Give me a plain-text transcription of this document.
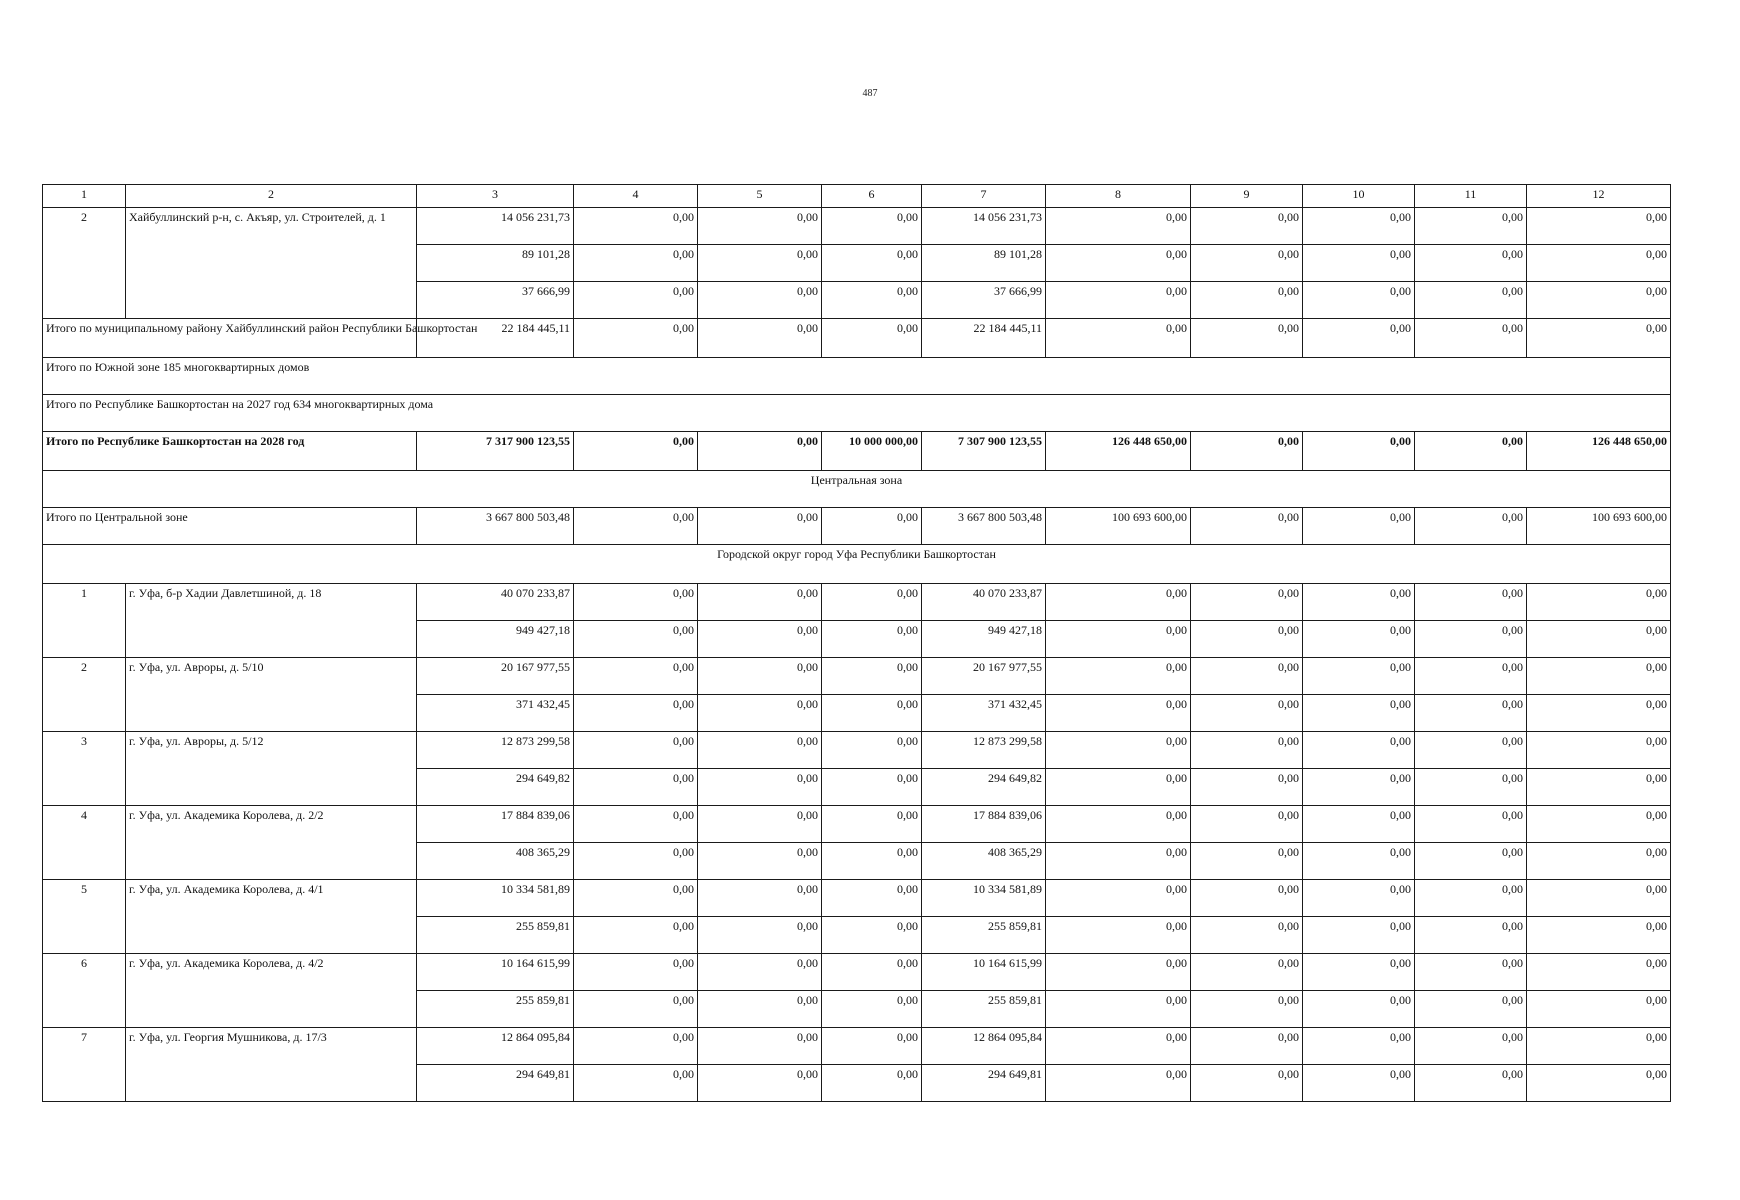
487
1	2	3	4	5	6	7	8	9	10	11	12
2	Хайбуллинский р-н, с. Акъяр, ул. Строителей, д. 1	14 056 231,73	0,00	0,00	0,00	14 056 231,73	0,00	0,00	0,00	0,00	0,00
		89 101,28	0,00	0,00	0,00	89 101,28	0,00	0,00	0,00	0,00	0,00
		37 666,99	0,00	0,00	0,00	37 666,99	0,00	0,00	0,00	0,00	0,00
Итого по муниципальному району Хайбуллинский район Республики Башкортостан		22 184 445,11	0,00	0,00	0,00	22 184 445,11	0,00	0,00	0,00	0,00	0,00
Итого по Южной зоне 185 многоквартирных домов											
Итого по Республике Башкортостан на 2027 год 634 многоквартирных дома											
Итого по Республике Башкортостан на 2028 год		7 317 900 123,55	0,00	0,00	10 000 000,00	7 307 900 123,55	126 448 650,00	0,00	0,00	0,00	126 448 650,00
Центральная зона											
Итого по Центральной зоне		3 667 800 503,48	0,00	0,00	0,00	3 667 800 503,48	100 693 600,00	0,00	0,00	0,00	100 693 600,00
Городской округ город Уфа Республики Башкортостан											
1	г. Уфа, б-р Хадии Давлетшиной, д. 18	40 070 233,87	0,00	0,00	0,00	40 070 233,87	0,00	0,00	0,00	0,00	0,00
		949 427,18	0,00	0,00	0,00	949 427,18	0,00	0,00	0,00	0,00	0,00
2	г. Уфа, ул. Авроры, д. 5/10	20 167 977,55	0,00	0,00	0,00	20 167 977,55	0,00	0,00	0,00	0,00	0,00
		371 432,45	0,00	0,00	0,00	371 432,45	0,00	0,00	0,00	0,00	0,00
3	г. Уфа, ул. Авроры, д. 5/12	12 873 299,58	0,00	0,00	0,00	12 873 299,58	0,00	0,00	0,00	0,00	0,00
		294 649,82	0,00	0,00	0,00	294 649,82	0,00	0,00	0,00	0,00	0,00
4	г. Уфа, ул. Академика Королева, д. 2/2	17 884 839,06	0,00	0,00	0,00	17 884 839,06	0,00	0,00	0,00	0,00	0,00
		408 365,29	0,00	0,00	0,00	408 365,29	0,00	0,00	0,00	0,00	0,00
5	г. Уфа, ул. Академика Королева, д. 4/1	10 334 581,89	0,00	0,00	0,00	10 334 581,89	0,00	0,00	0,00	0,00	0,00
		255 859,81	0,00	0,00	0,00	255 859,81	0,00	0,00	0,00	0,00	0,00
6	г. Уфа, ул. Академика Королева, д. 4/2	10 164 615,99	0,00	0,00	0,00	10 164 615,99	0,00	0,00	0,00	0,00	0,00
		255 859,81	0,00	0,00	0,00	255 859,81	0,00	0,00	0,00	0,00	0,00
7	г. Уфа, ул. Георгия Мушникова, д. 17/3	12 864 095,84	0,00	0,00	0,00	12 864 095,84	0,00	0,00	0,00	0,00	0,00
		294 649,81	0,00	0,00	0,00	294 649,81	0,00	0,00	0,00	0,00	0,00
